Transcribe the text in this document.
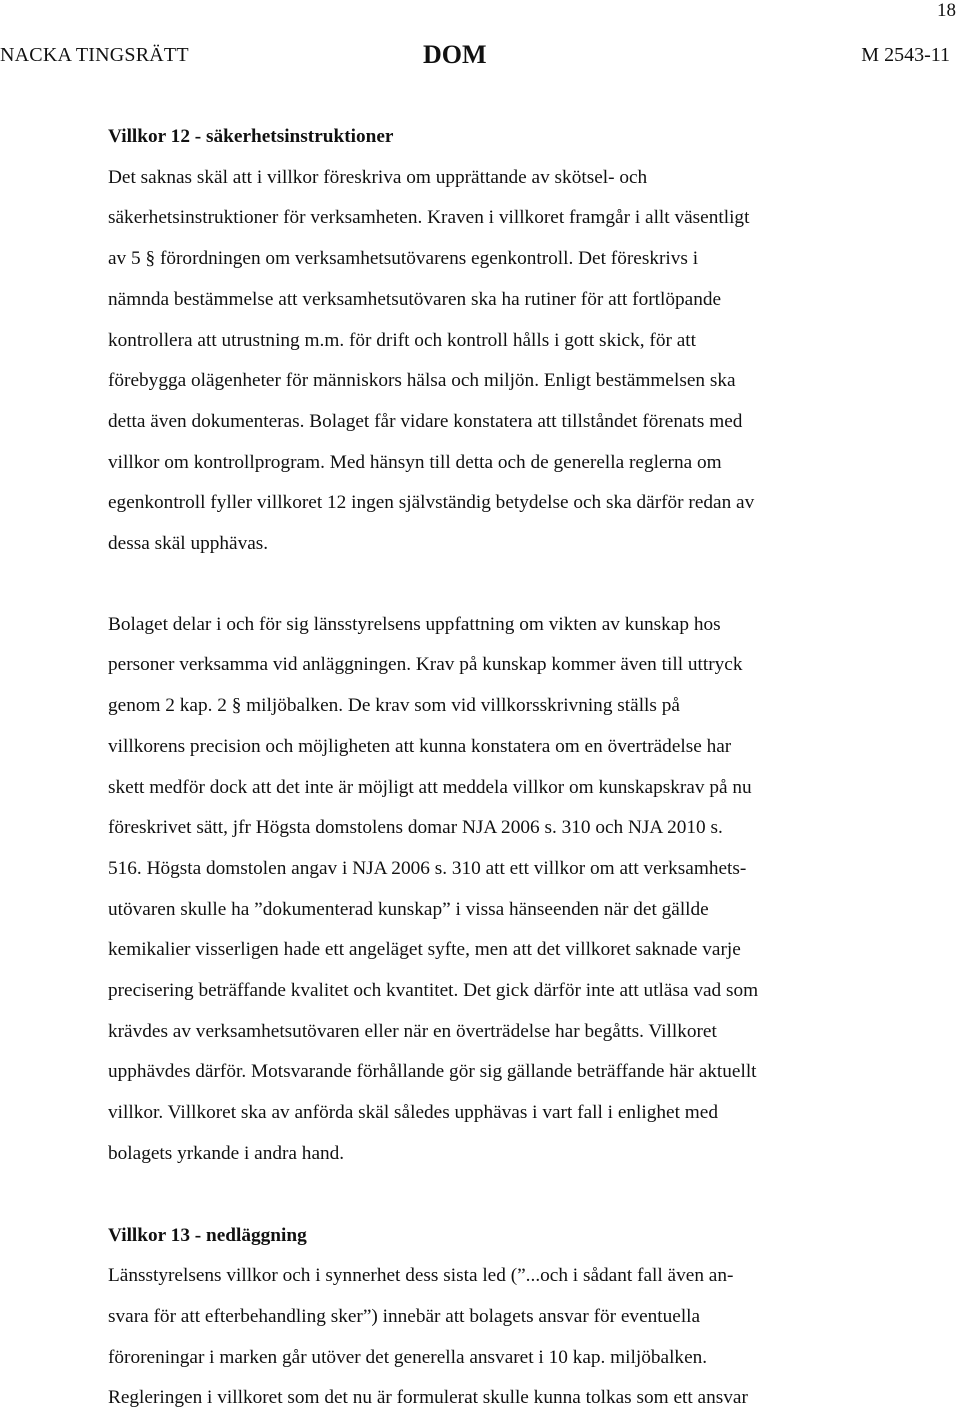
18
NACKA TINGSRÄTT	DOM	M 2543-11
Villkor 12 - säkerhetsinstruktioner
Det saknas skäl att i villkor föreskriva om upprättande av skötsel- och
säkerhetsinstruktioner för verksamheten. Kraven i villkoret framgår i allt väsentligt
av 5 § förordningen om verksamhetsutövarens egenkontroll. Det föreskrivs i
nämnda bestämmelse att verksamhetsutövaren ska ha rutiner för att fortlöpande
kontrollera att utrustning m.m. för drift och kontroll hålls i gott skick, för att
förebygga olägenheter för människors hälsa och miljön. Enligt bestämmelsen ska
detta även dokumenteras. Bolaget får vidare konstatera att tillståndet förenats med
villkor om kontrollprogram. Med hänsyn till detta och de generella reglerna om
egenkontroll fyller villkoret 12 ingen självständig betydelse och ska därför redan av
dessa skäl upphävas.
Bolaget delar i och för sig länsstyrelsens uppfattning om vikten av kunskap hos
personer verksamma vid anläggningen. Krav på kunskap kommer även till uttryck
genom 2 kap. 2 § miljöbalken. De krav som vid villkorsskrivning ställs på
villkorens precision och möjligheten att kunna konstatera om en överträdelse har
skett medför dock att det inte är möjligt att meddela villkor om kunskapskrav på nu
föreskrivet sätt, jfr Högsta domstolens domar NJA 2006 s. 310 och NJA 2010 s.
516. Högsta domstolen angav i NJA 2006 s. 310 att ett villkor om att verksamhets-
utövaren skulle ha ”dokumenterad kunskap” i vissa hänseenden när det gällde
kemikalier visserligen hade ett angeläget syfte, men att det villkoret saknade varje
precisering beträffande kvalitet och kvantitet. Det gick därför inte att utläsa vad som
krävdes av verksamhetsutövaren eller när en överträdelse har begåtts. Villkoret
upphävdes därför. Motsvarande förhållande gör sig gällande beträffande här aktuellt
villkor. Villkoret ska av anförda skäl således upphävas i vart fall i enlighet med
bolagets yrkande i andra hand.
Villkor 13 - nedläggning
Länsstyrelsens villkor och i synnerhet dess sista led (”...och i sådant fall även an-
svara för att efterbehandling sker”) innebär att bolagets ansvar för eventuella
föroreningar i marken går utöver det generella ansvaret i 10 kap. miljöbalken.
Regleringen i villkoret som det nu är formulerat skulle kunna tolkas som ett ansvar
